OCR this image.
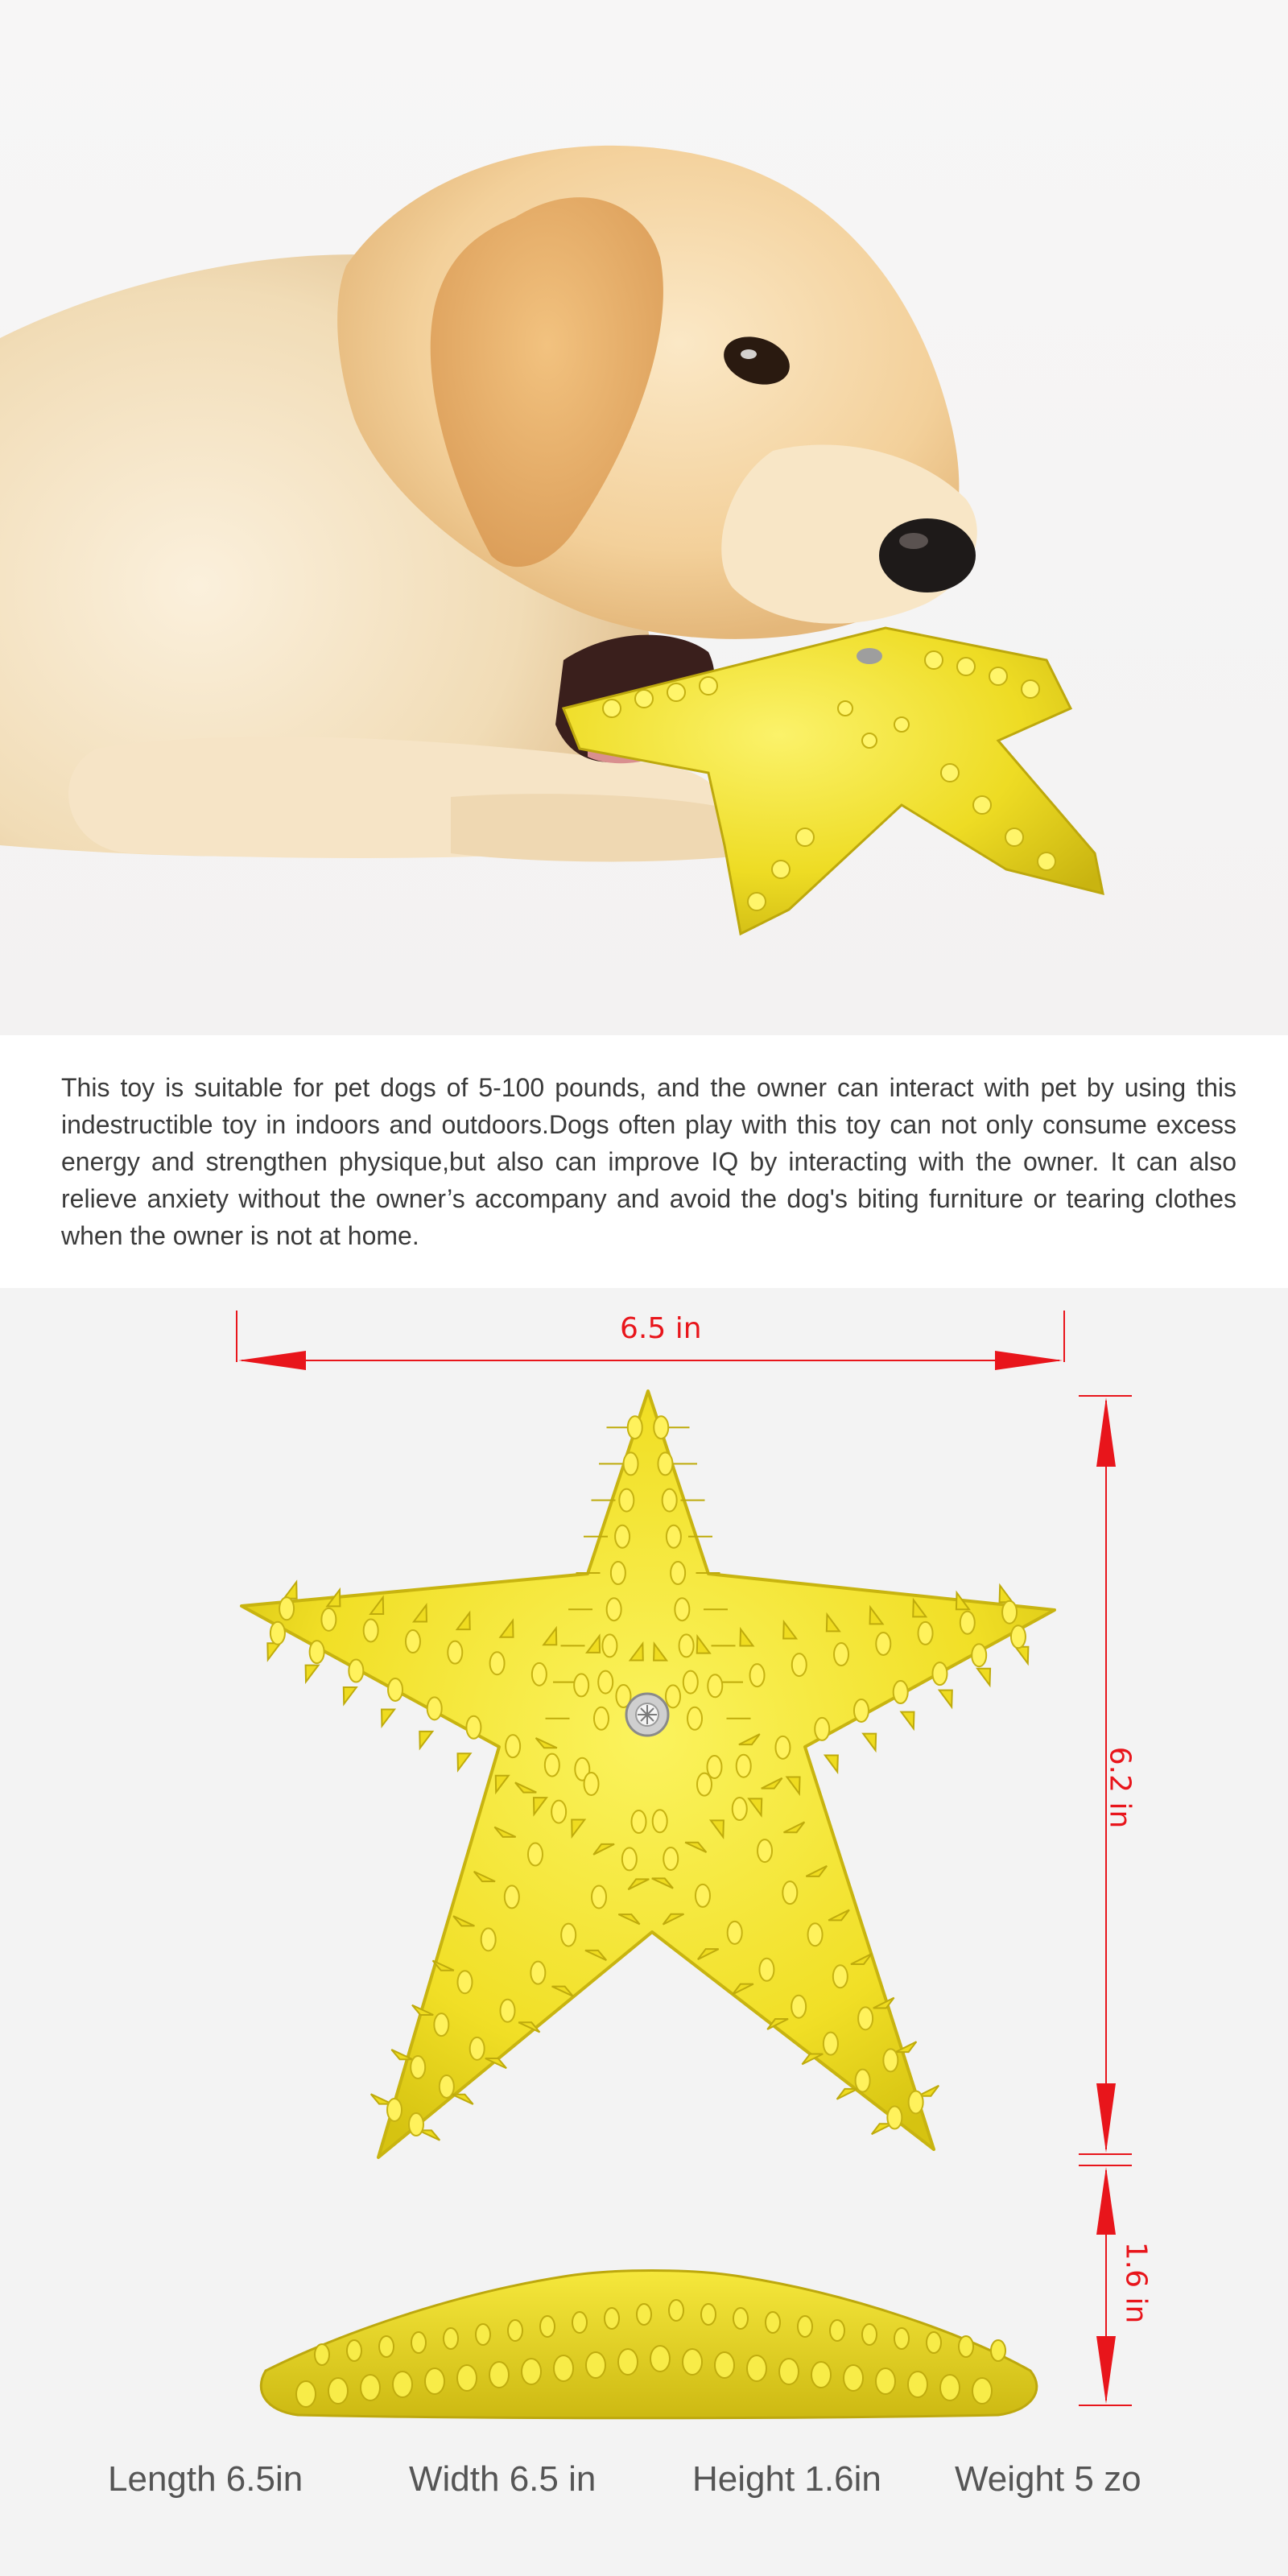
This toy is suitable for pet dogs of 5-100 pounds, and the owner can interact with pet by using this indestructible toy in indoors and outdoors.Dogs often play with this toy can not only consume excess energy and strengthen physique,but also can improve IQ by interacting with the owner. It can also relieve anxiety without the owner’s accompany and avoid the dog's biting furniture or tearing clothes when the owner is not at home.

6.5 in
6.2 in
1.6 in
Length 6.5in	Width 6.5 in	Height 1.6in Weight 5 zo
